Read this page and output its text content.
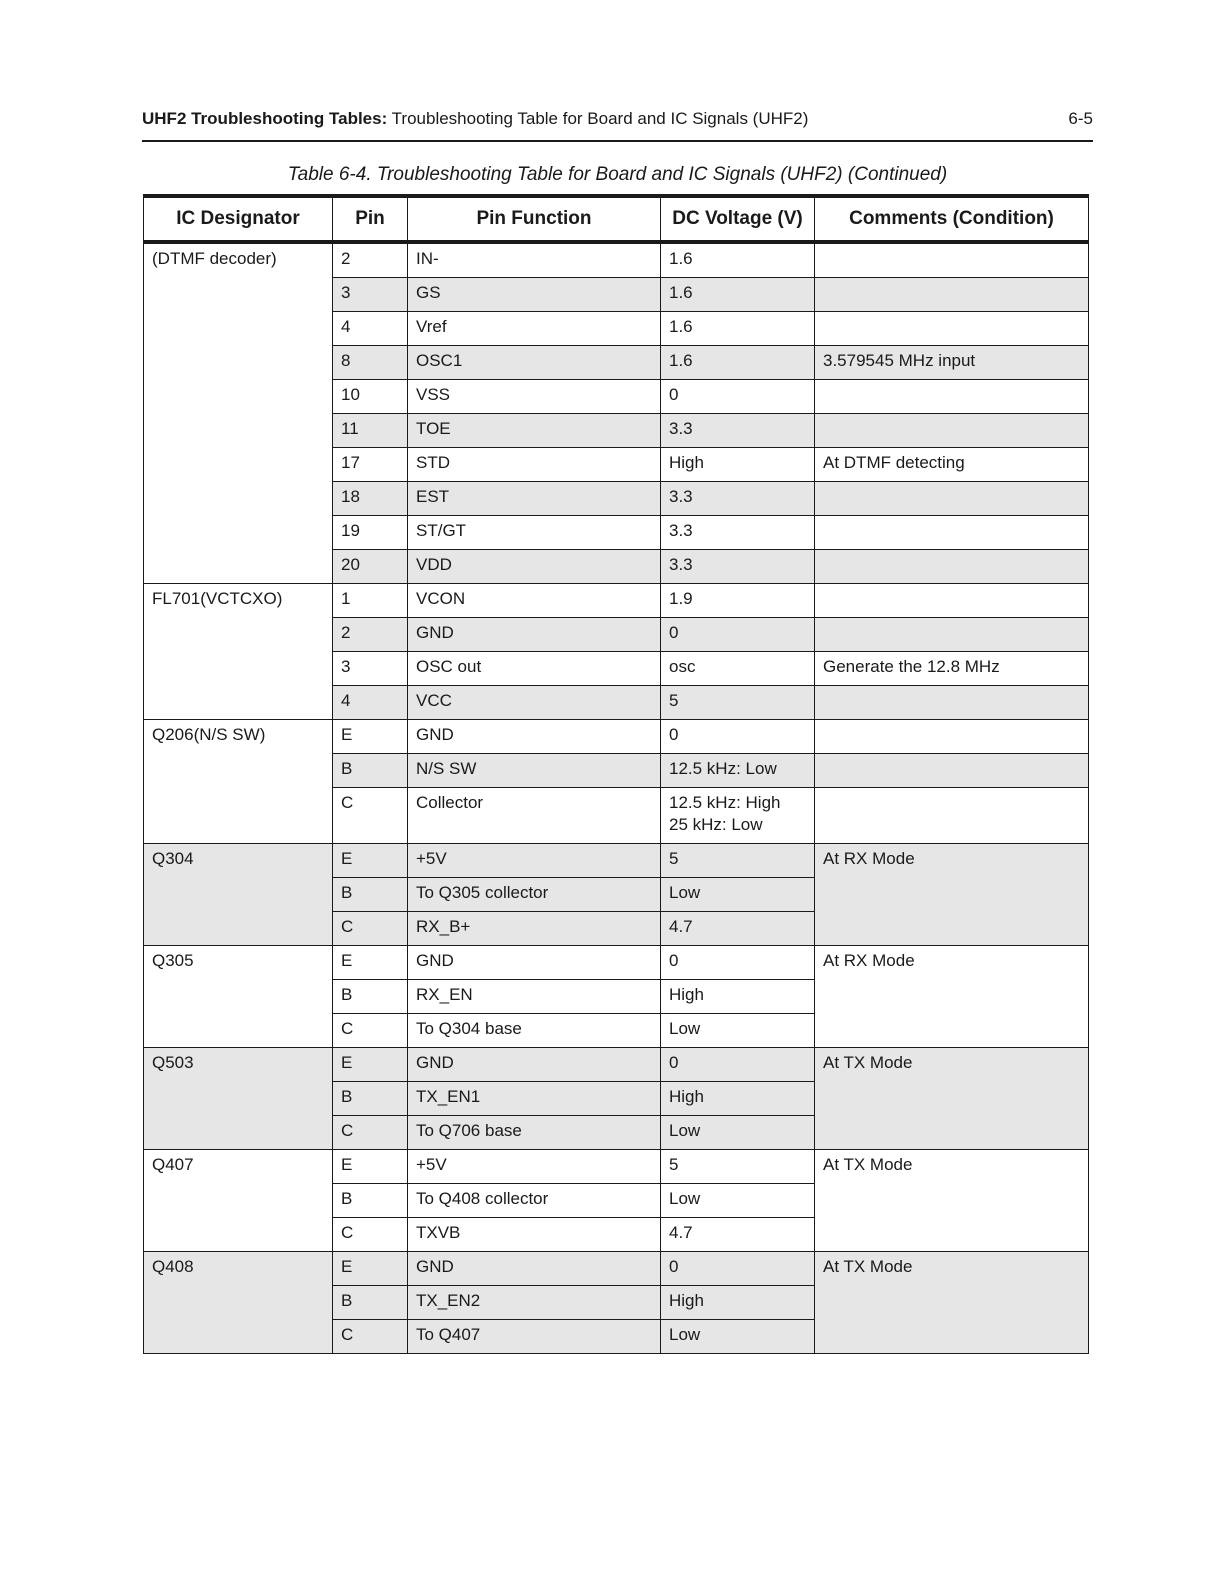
UHF2 Troubleshooting Tables: Troubleshooting Table for Board and IC Signals (UHF2)	6-5
Table 6-4. Troubleshooting Table for Board and IC Signals (UHF2) (Continued)
IC Designator	Pin	Pin Function	DC Voltage (V)	Comments (Condition)
(DTMF decoder)	2	IN-	1.6	
	3	GS	1.6	
	4	Vref	1.6	
	8	OSC1	1.6	3.579545 MHz input
	10	VSS	0	
	11	TOE	3.3	
	17	STD	High	At DTMF detecting
	18	EST	3.3	
	19	ST/GT	3.3	
	20	VDD	3.3	
FL701(VCTCXO)	1	VCON	1.9	
	2	GND	0	
	3	OSC out	osc	Generate the 12.8 MHz
	4	VCC	5	
Q206(N/S SW)	E	GND	0	
	B	N/S SW	12.5 kHz: Low	
	C	Collector	12.5 kHz: High
25 kHz: Low	

Q304	E	+5V	5	At RX Mode
	B	To Q305 collector	Low	
	C	RX_B+	4.7	
Q305	E	GND	0	At RX Mode
	B	RX_EN	High	
	C	To Q304 base	Low	
Q503	E	GND	0	At TX Mode
	B	TX_EN1	High	
	C	To Q706 base	Low	
Q407	E	+5V	5	At TX Mode
	B	To Q408 collector	Low	
	C	TXVB	4.7	
Q408	E	GND	0	At TX Mode
	B	TX_EN2	High	
	C	To Q407	Low	
